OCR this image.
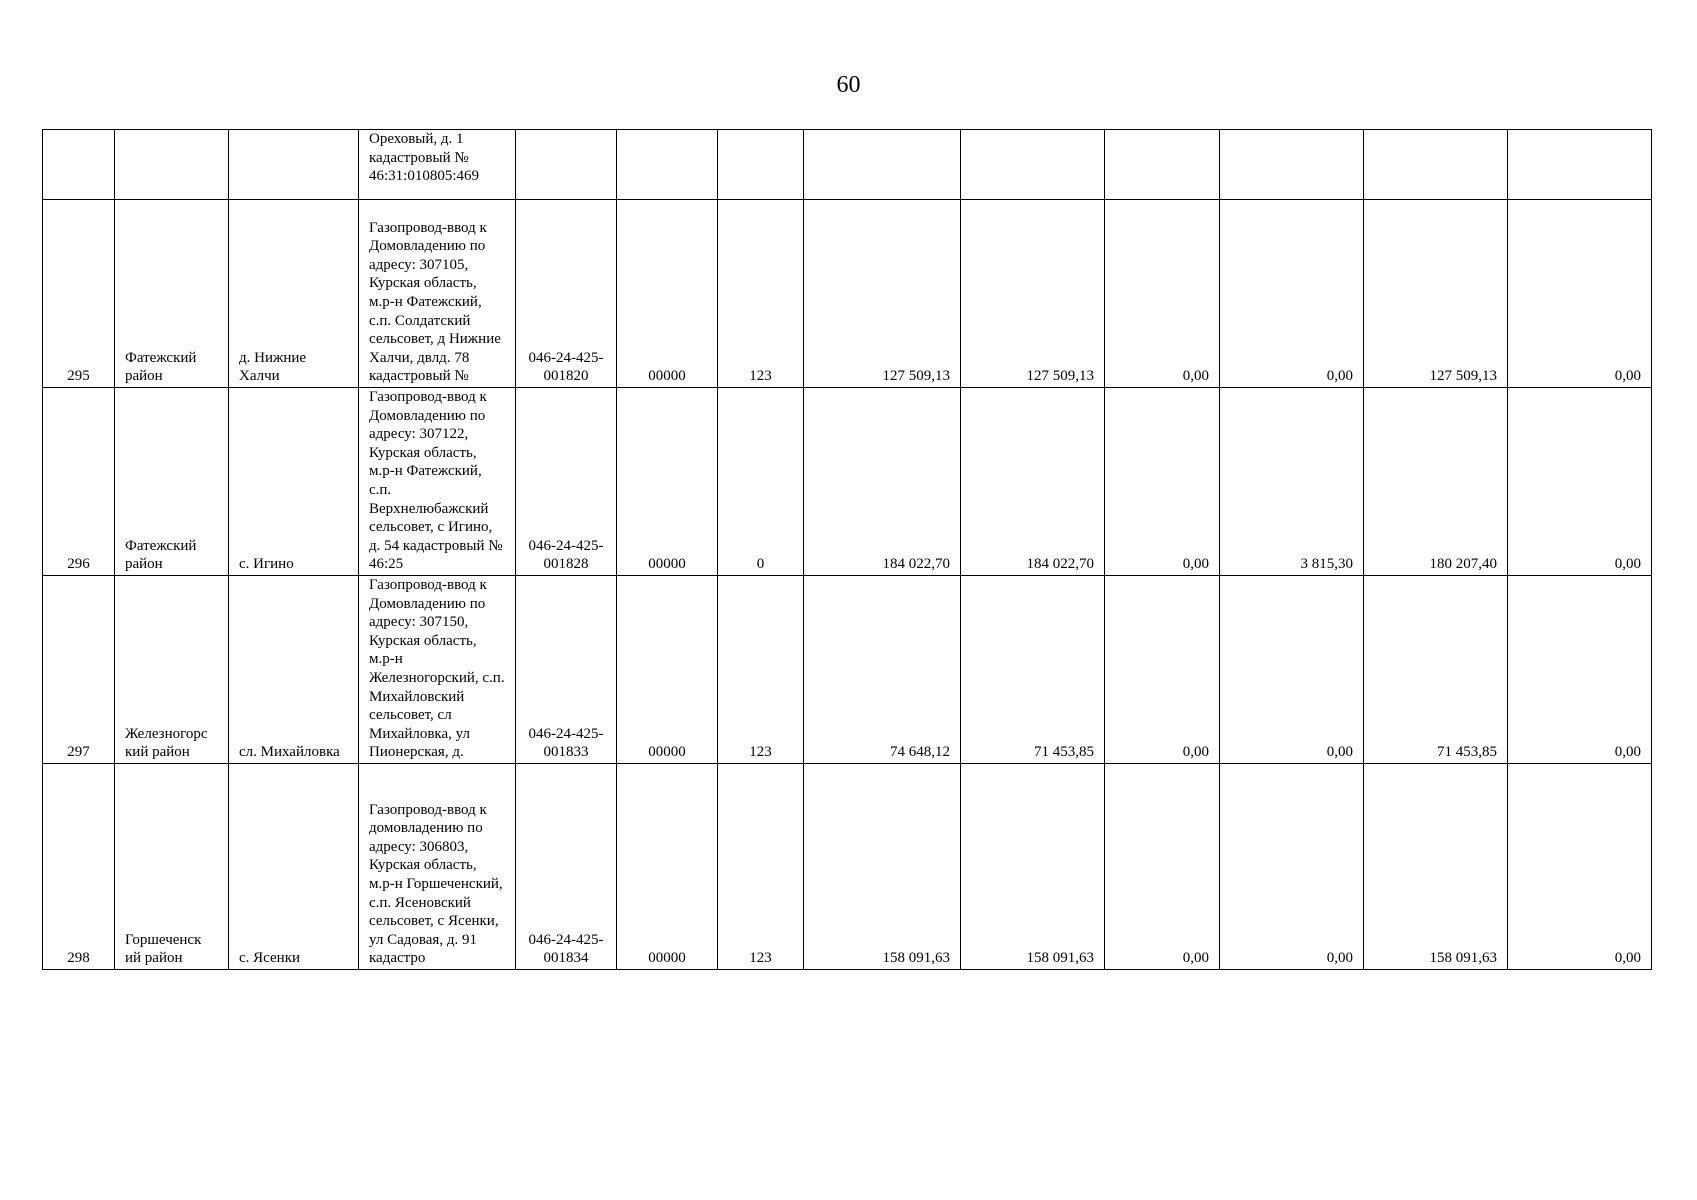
60
			Ореховый, д. 1 кадастровый № 46:31:010805:469									
295	Фатежский район	д. Нижние Халчи	Газопровод-ввод к Домовладению по адресу: 307105, Курская область, м.р-н Фатежский, с.п. Солдатский сельсовет, д Нижние Халчи, двлд. 78 кадастровый №	046-24-425-001820	00000	123	127 509,13	127 509,13	0,00	0,00	127 509,13	0,00
296	Фатежский район	с. Игино	Газопровод-ввод к Домовладению по адресу: 307122, Курская область, м.р-н Фатежский, с.п. Верхнелюбажский сельсовет, с Игино, д. 54 кадастровый № 46:25	046-24-425-001828	00000	0	184 022,70	184 022,70	0,00	3 815,30	180 207,40	0,00
297	Железногорс кий район	сл. Михайловка	Газопровод-ввод к Домовладению по адресу: 307150, Курская область, м.р-н Железногорский, с.п. Михайловский сельсовет, сл Михайловка, ул Пионерская, д.	046-24-425-001833	00000	123	74 648,12	71 453,85	0,00	0,00	71 453,85	0,00
298	Горшеченск ий район	с. Ясенки	Газопровод-ввод к домовладению по адресу: 306803, Курская область, м.р-н Горшеченский, с.п. Ясеновский сельсовет, с Ясенки, ул Садовая, д. 91 кадастро	046-24-425-001834	00000	123	158 091,63	158 091,63	0,00	0,00	158 091,63	0,00
